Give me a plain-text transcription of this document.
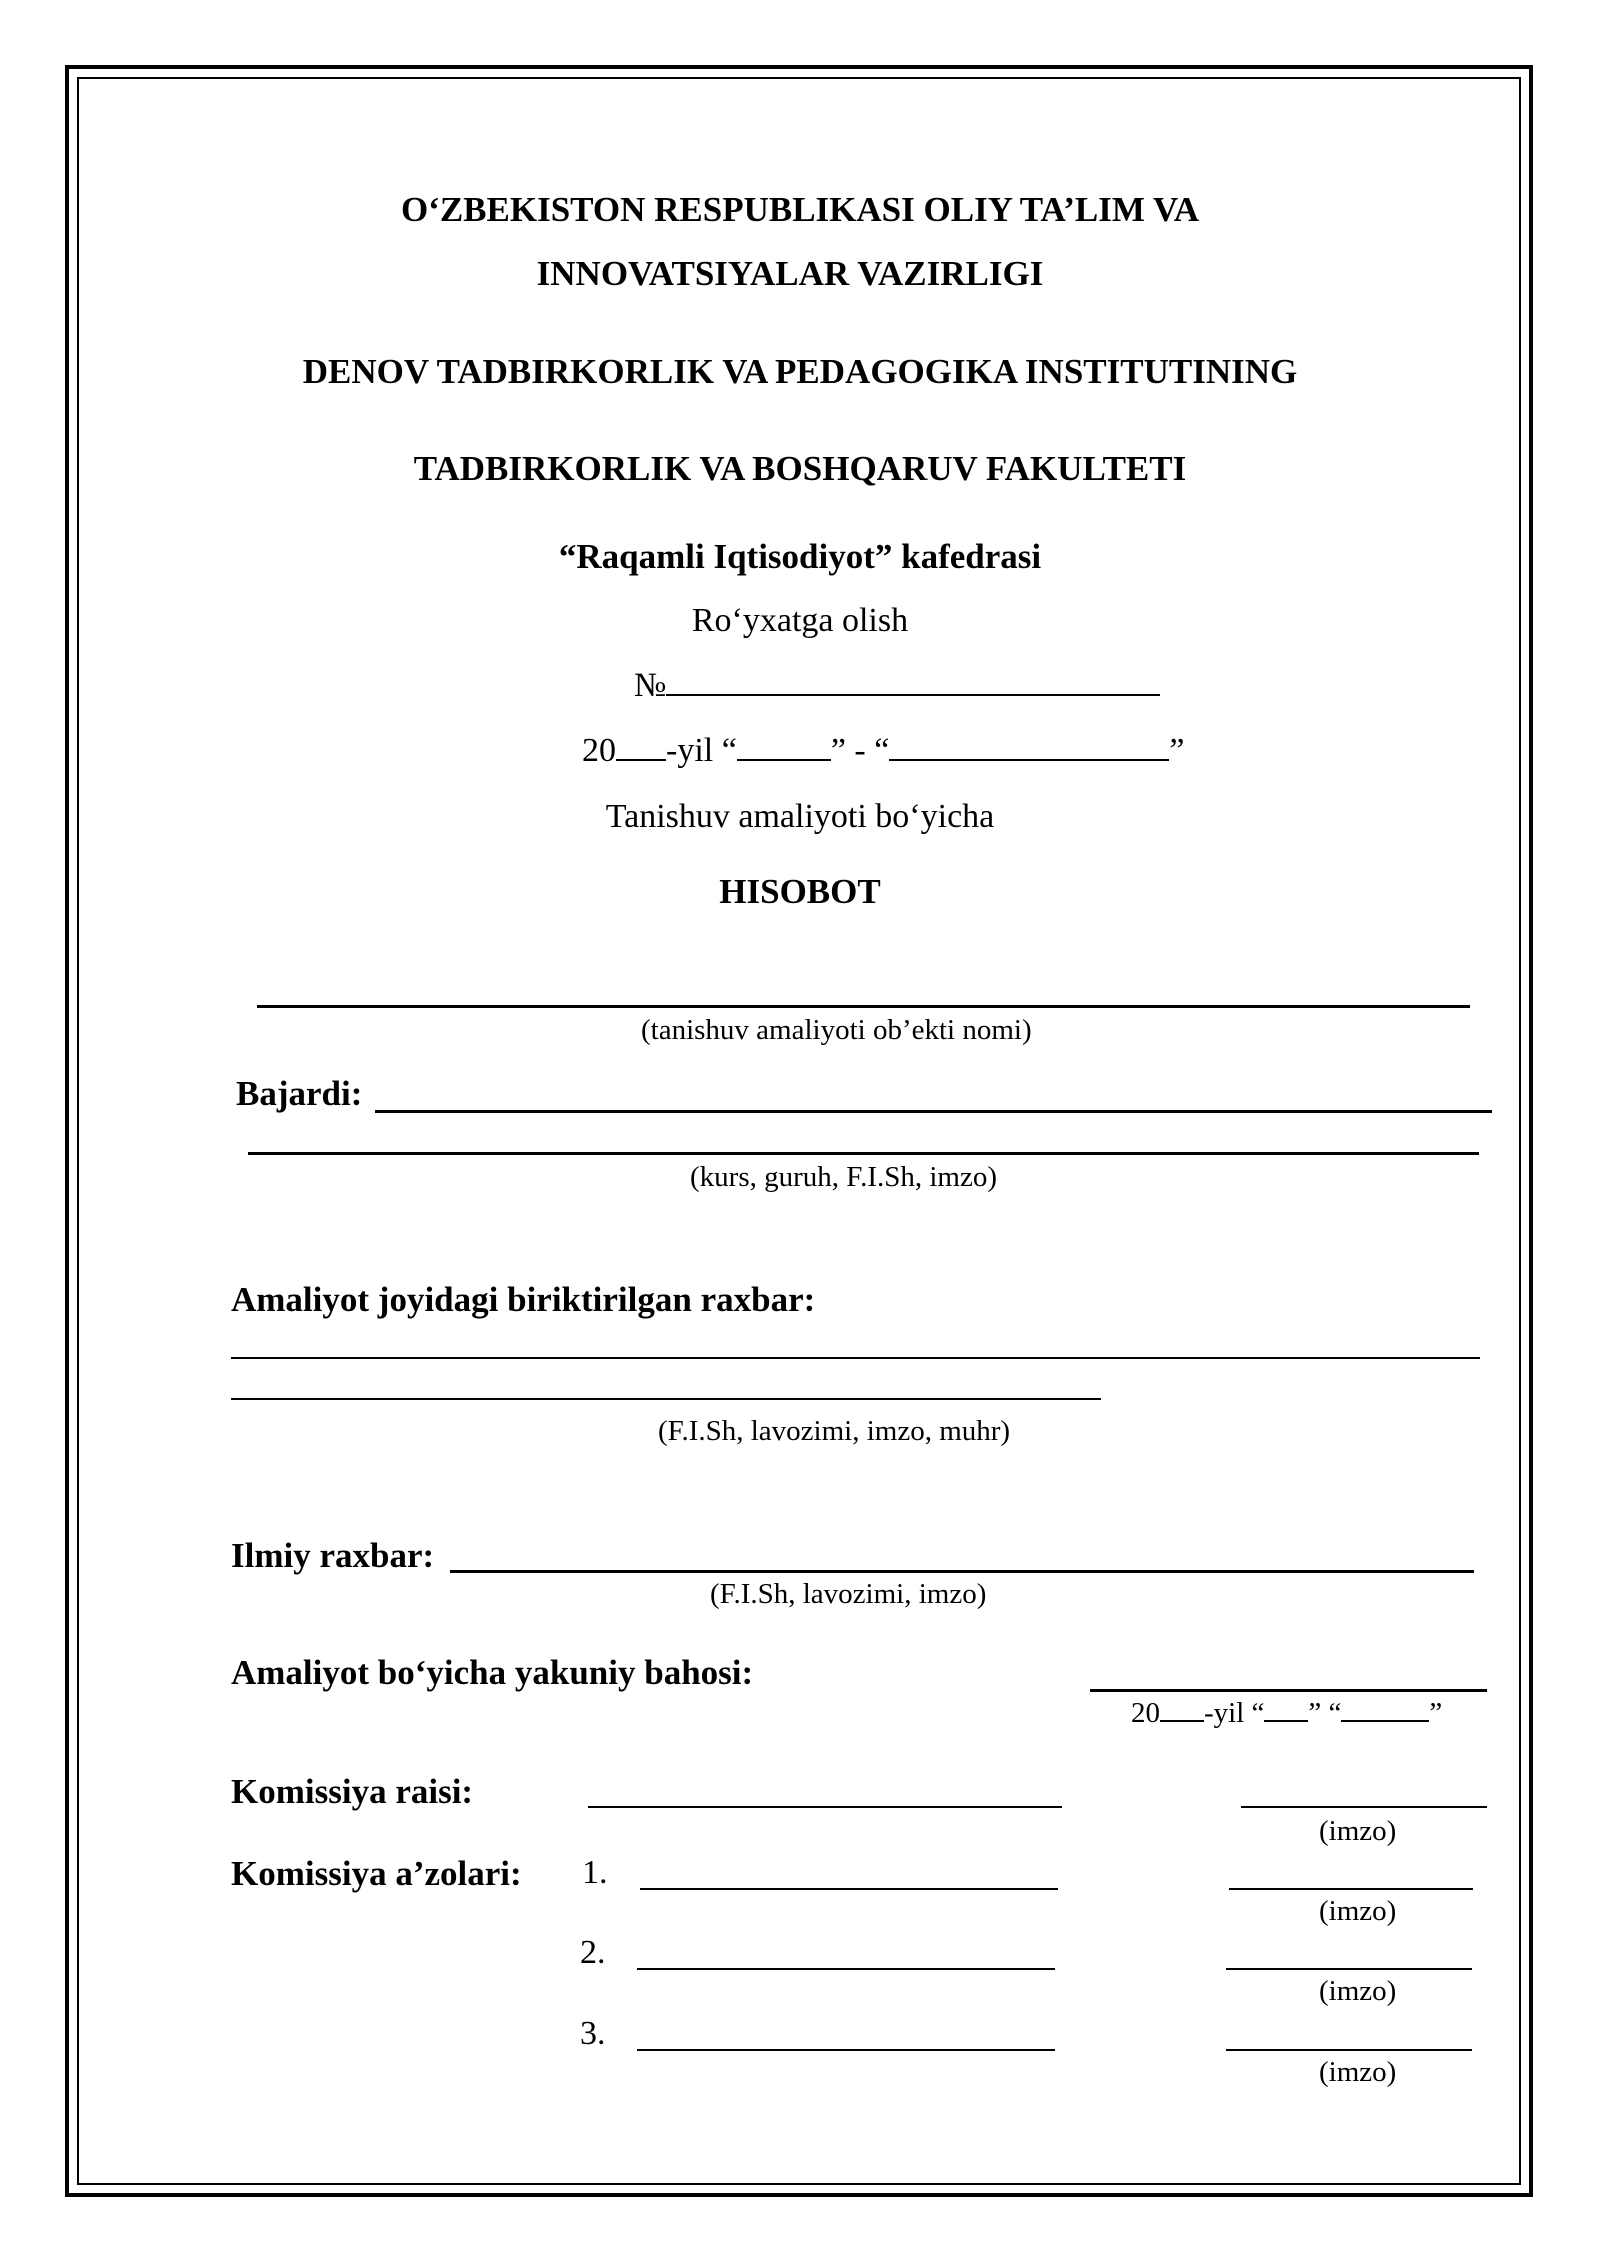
O‘ZBEKISTON RESPUBLIKASI OLIY TA’LIM VA
INNOVATSIYALAR VAZIRLIGI
DENOV TADBIRKORLIK VA PEDAGOGIKA INSTITUTINING
TADBIRKORLIK VA BOSHQARUV FAKULTETI
“Raqamli Iqtisodiyot” kafedrasi
Ro‘yxatga olish
№
20 -yil “	” - “	”
Tanishuv amaliyoti bo‘yicha
HISOBOT
(tanishuv amaliyoti ob’ekti nomi)
Bajardi:
(kurs, guruh, F.I.Sh, imzo)
Amaliyot joyidagi biriktirilgan raxbar:
(F.I.Sh, lavozimi, imzo, muhr)
Ilmiy raxbar:
(F.I.Sh, lavozimi, imzo)
Amaliyot bo‘yicha yakuniy bahosi:
20 -yil “ ” “	”
Komissiya raisi:
(imzo)
Komissiya a’zolari: 1.
(imzo)
2.
(imzo)
3.
(imzo)
